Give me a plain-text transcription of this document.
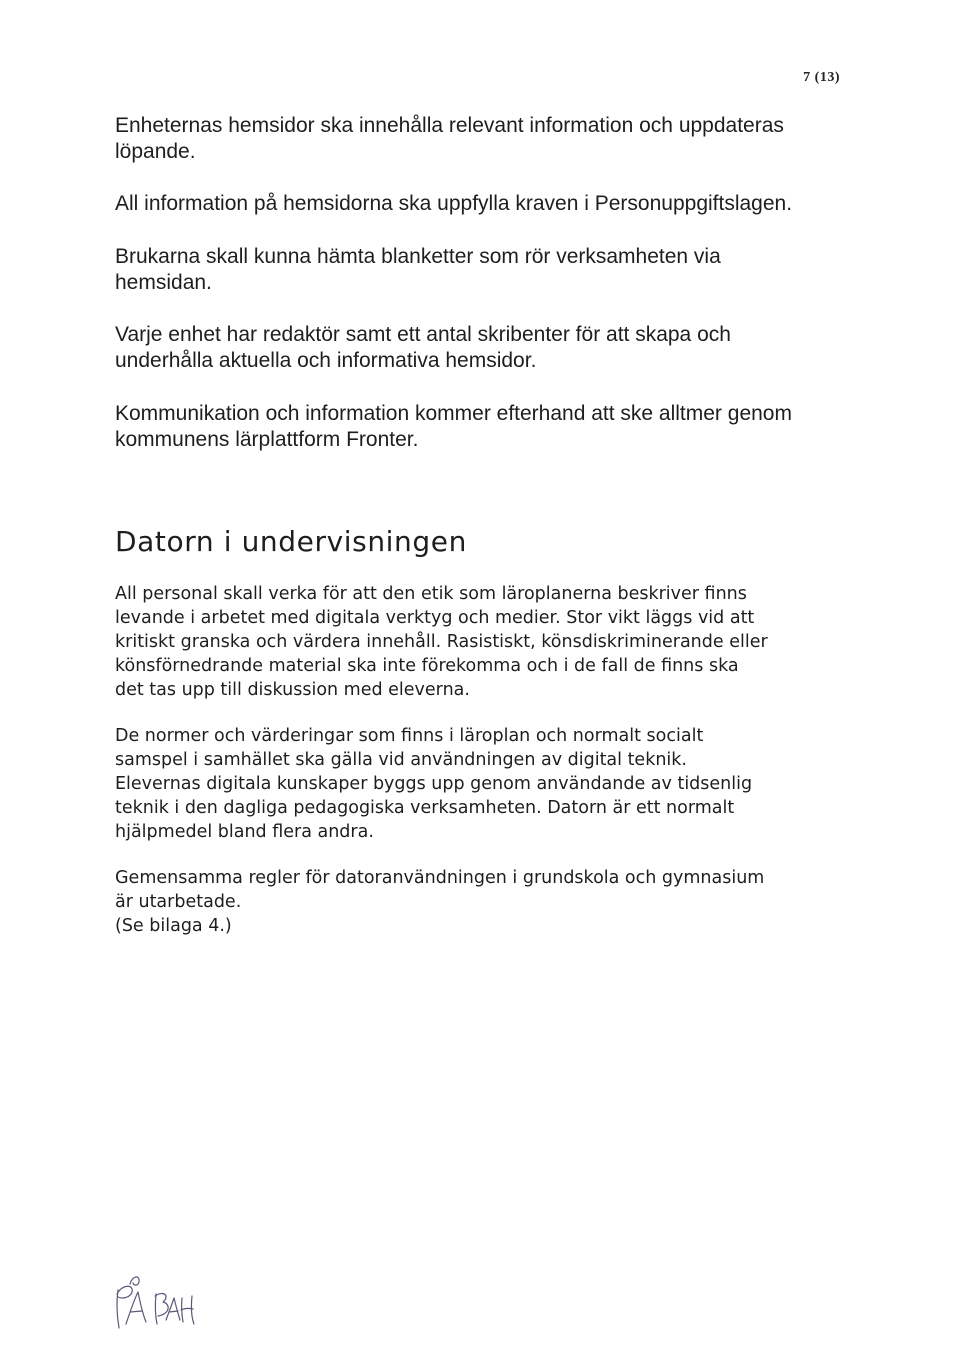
7 (13)

Enheternas hemsidor ska innehålla relevant information och uppdateras
löpande.

All information på hemsidorna ska uppfylla kraven i Personuppgiftslagen.

Brukarna skall kunna hämta blanketter som rör verksamheten via
hemsidan.

Varje enhet har redaktör samt ett antal skribenter för att skapa och
underhålla aktuella och informativa hemsidor.

Kommunikation och information kommer efterhand att ske alltmer genom
kommunens lärplattform Fronter.

Datorn i undervisningen

All personal skall verka för att den etik som läroplanerna beskriver finns
levande i arbetet med digitala verktyg och medier. Stor vikt läggs vid att
kritiskt granska och värdera innehåll. Rasistiskt, könsdiskriminerande eller
könsförnedrande material ska inte förekomma och i de fall de finns ska
det tas upp till diskussion med eleverna.

De normer och värderingar som finns i läroplan och normalt socialt
samspel i samhället ska gälla vid användningen av digital teknik.
Elevernas digitala kunskaper byggs upp genom användande av tidsenlig
teknik i den dagliga pedagogiska verksamheten. Datorn är ett normalt
hjälpmedel bland flera andra.

Gemensamma regler för datoranvändningen i grundskola och gymnasium
är utarbetade.
(Se bilaga 4.)
